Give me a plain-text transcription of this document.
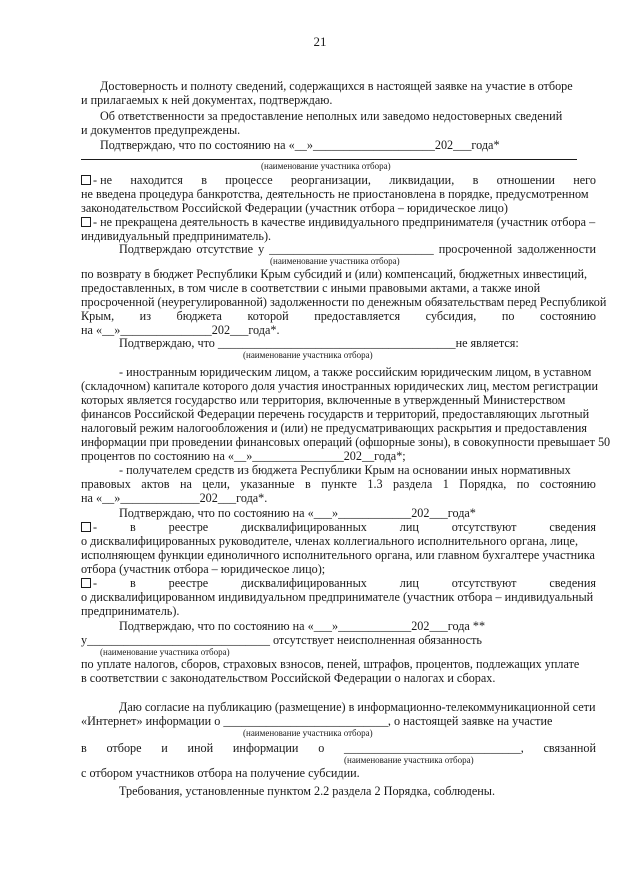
21
Достоверность и полноту сведений, содержащихся в настоящей заявке на участие в отборе
и прилагаемых к ней документах, подтверждаю.
Об ответственности за предоставление неполных или заведомо недостоверных сведений
и документов предупреждены.
Подтверждаю, что по состоянию на «__»____________________202___года*
(наименование участника отбора)
- не находится в процессе реорганизации, ликвидации, в отношении него
не введена процедура банкротства, деятельность не приостановлена в порядке, предусмотренном
законодательством Российской Федерации (участник отбора – юридическое лицо)
- не прекращена деятельность в качестве индивидуального предпринимателя (участник отбора –
индивидуальный предприниматель).
Подтверждаю отсутствие у ___________________________ просроченной задолженности
(наименование участника отбора)
по возврату в бюджет Республики Крым субсидий и (или) компенсаций, бюджетных инвестиций,
предоставленных, в том числе в соответствии с иными правовыми актами, а также иной
просроченной (неурегулированной) задолженности по денежным обязательствам перед Республикой
Крым, из бюджета которой предоставляется субсидия, по состоянию
на «__»_______________202___года*.
Подтверждаю, что _______________________________________не является:
(наименование участника отбора)
- иностранным юридическим лицом, а также российским юридическим лицом, в уставном
(складочном) капитале которого доля участия иностранных юридических лиц, местом регистрации
которых является государство или территория, включенные в утвержденный Министерством
финансов Российской Федерации перечень государств и территорий, предоставляющих льготный
налоговый режим налогообложения и (или) не предусматривающих раскрытия и предоставления
информации при проведении финансовых операций (офшорные зоны), в совокупности превышает 50
процентов по состоянию на «__»_______________202__года*;
- получателем средств из бюджета Республики Крым на основании иных нормативных
правовых актов на цели, указанные в пункте 1.3 раздела 1 Порядка, по состоянию
на «__»_____________202___года*.
Подтверждаю, что по состоянию на «___»____________202___года*
-	в	реестре	дисквалифицированных	лиц	отсутствуют	сведения
о дисквалифицированных руководителе, членах коллегиального исполнительного органа, лице,
исполняющем функции единоличного исполнительного органа, или главном бухгалтере участника
отбора (участник отбора – юридическое лицо);
-	в	реестре	дисквалифицированных	лиц	отсутствуют	сведения
о дисквалифицированном индивидуальном предпринимателе (участник отбора – индивидуальный
предприниматель).
Подтверждаю, что по состоянию на «___»____________202___года **
у______________________________ отсутствует неисполненная обязанность
(наименование участника отбора)
по уплате налогов, сборов, страховых взносов, пеней, штрафов, процентов, подлежащих уплате
в соответствии с законодательством Российской Федерации о налогах и сборах.
Даю согласие на публикацию (размещение) в информационно-телекоммуникационной сети
«Интернет» информации о ___________________________, о настоящей заявке на участие
(наименование участника отбора)
в отборе и иной информации о _____________________________, связанной
(наименование участника отбора)
с отбором участников отбора на получение субсидии.
Требования, установленные пунктом 2.2 раздела 2 Порядка, соблюдены.
